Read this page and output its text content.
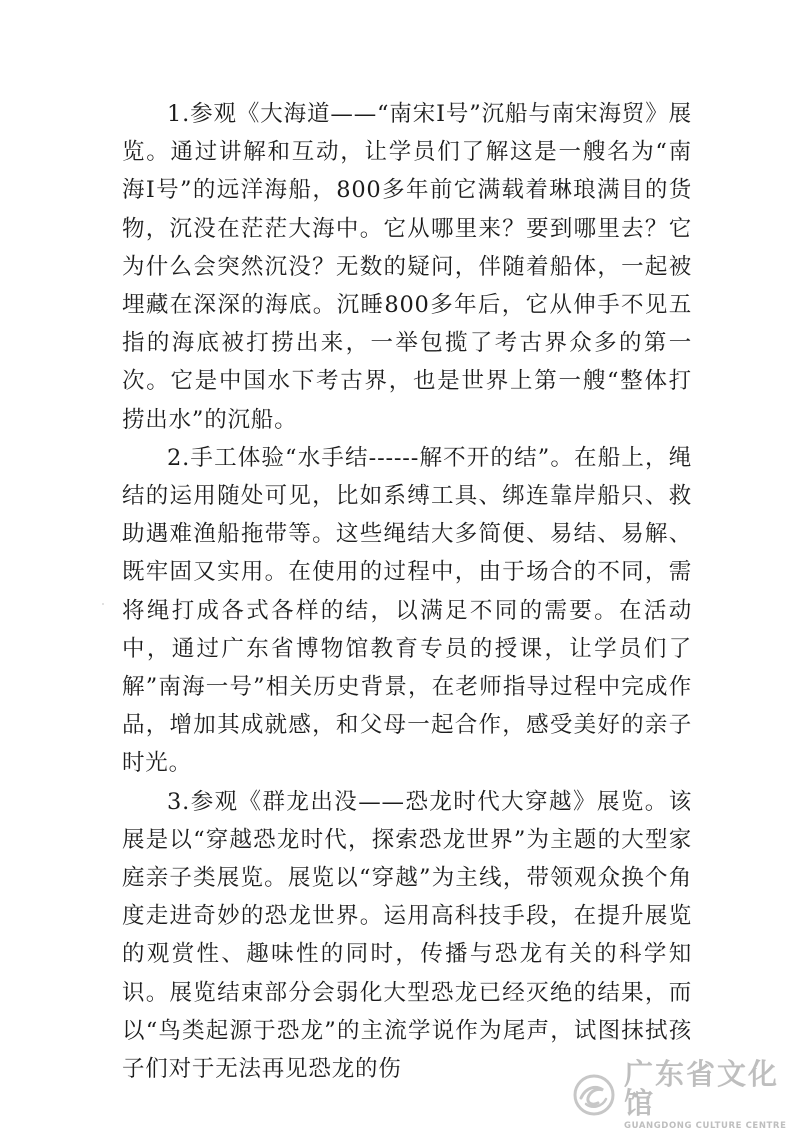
1.参观《大海道——“南宋Ⅰ号”沉船与南宋海贸》展览。通过讲解和互动，让学员们了解这是一艘名为“南海Ⅰ号”的远洋海船，800多年前它满载着琳琅满目的货物，沉没在茫茫大海中。它从哪里来？要到哪里去？它为什么会突然沉没？无数的疑问，伴随着船体，一起被埋藏在深深的海底。沉睡800多年后，它从伸手不见五指的海底被打捞出来，一举包揽了考古界众多的第一次。它是中国水下考古界，也是世界上第一艘“整体打捞出水”的沉船。

2.手工体验“水手结------解不开的结”。在船上，绳结的运用随处可见，比如系缚工具、绑连靠岸船只、救助遇难渔船拖带等。这些绳结大多简便、易结、易解、既牢固又实用。在使用的过程中，由于场合的不同，需将绳打成各式各样的结，以满足不同的需要。在活动中，通过广东省博物馆教育专员的授课，让学员们了解”南海一号”相关历史背景，在老师指导过程中完成作品，增加其成就感，和父母一起合作，感受美好的亲子时光。

3.参观《群龙出没——恐龙时代大穿越》展览。该展是以“穿越恐龙时代，探索恐龙世界”为主题的大型家庭亲子类展览。展览以“穿越”为主线，带领观众换个角度走进奇妙的恐龙世界。运用高科技手段，在提升展览的观赏性、趣味性的同时，传播与恐龙有关的科学知识。展览结束部分会弱化大型恐龙已经灭绝的结果，而以“鸟类起源于恐龙”的主流学说作为尾声，试图抹拭孩子们对于无法再见恐龙的伤	广东省文化馆
GUANGDONG CULTURE CENTRE
